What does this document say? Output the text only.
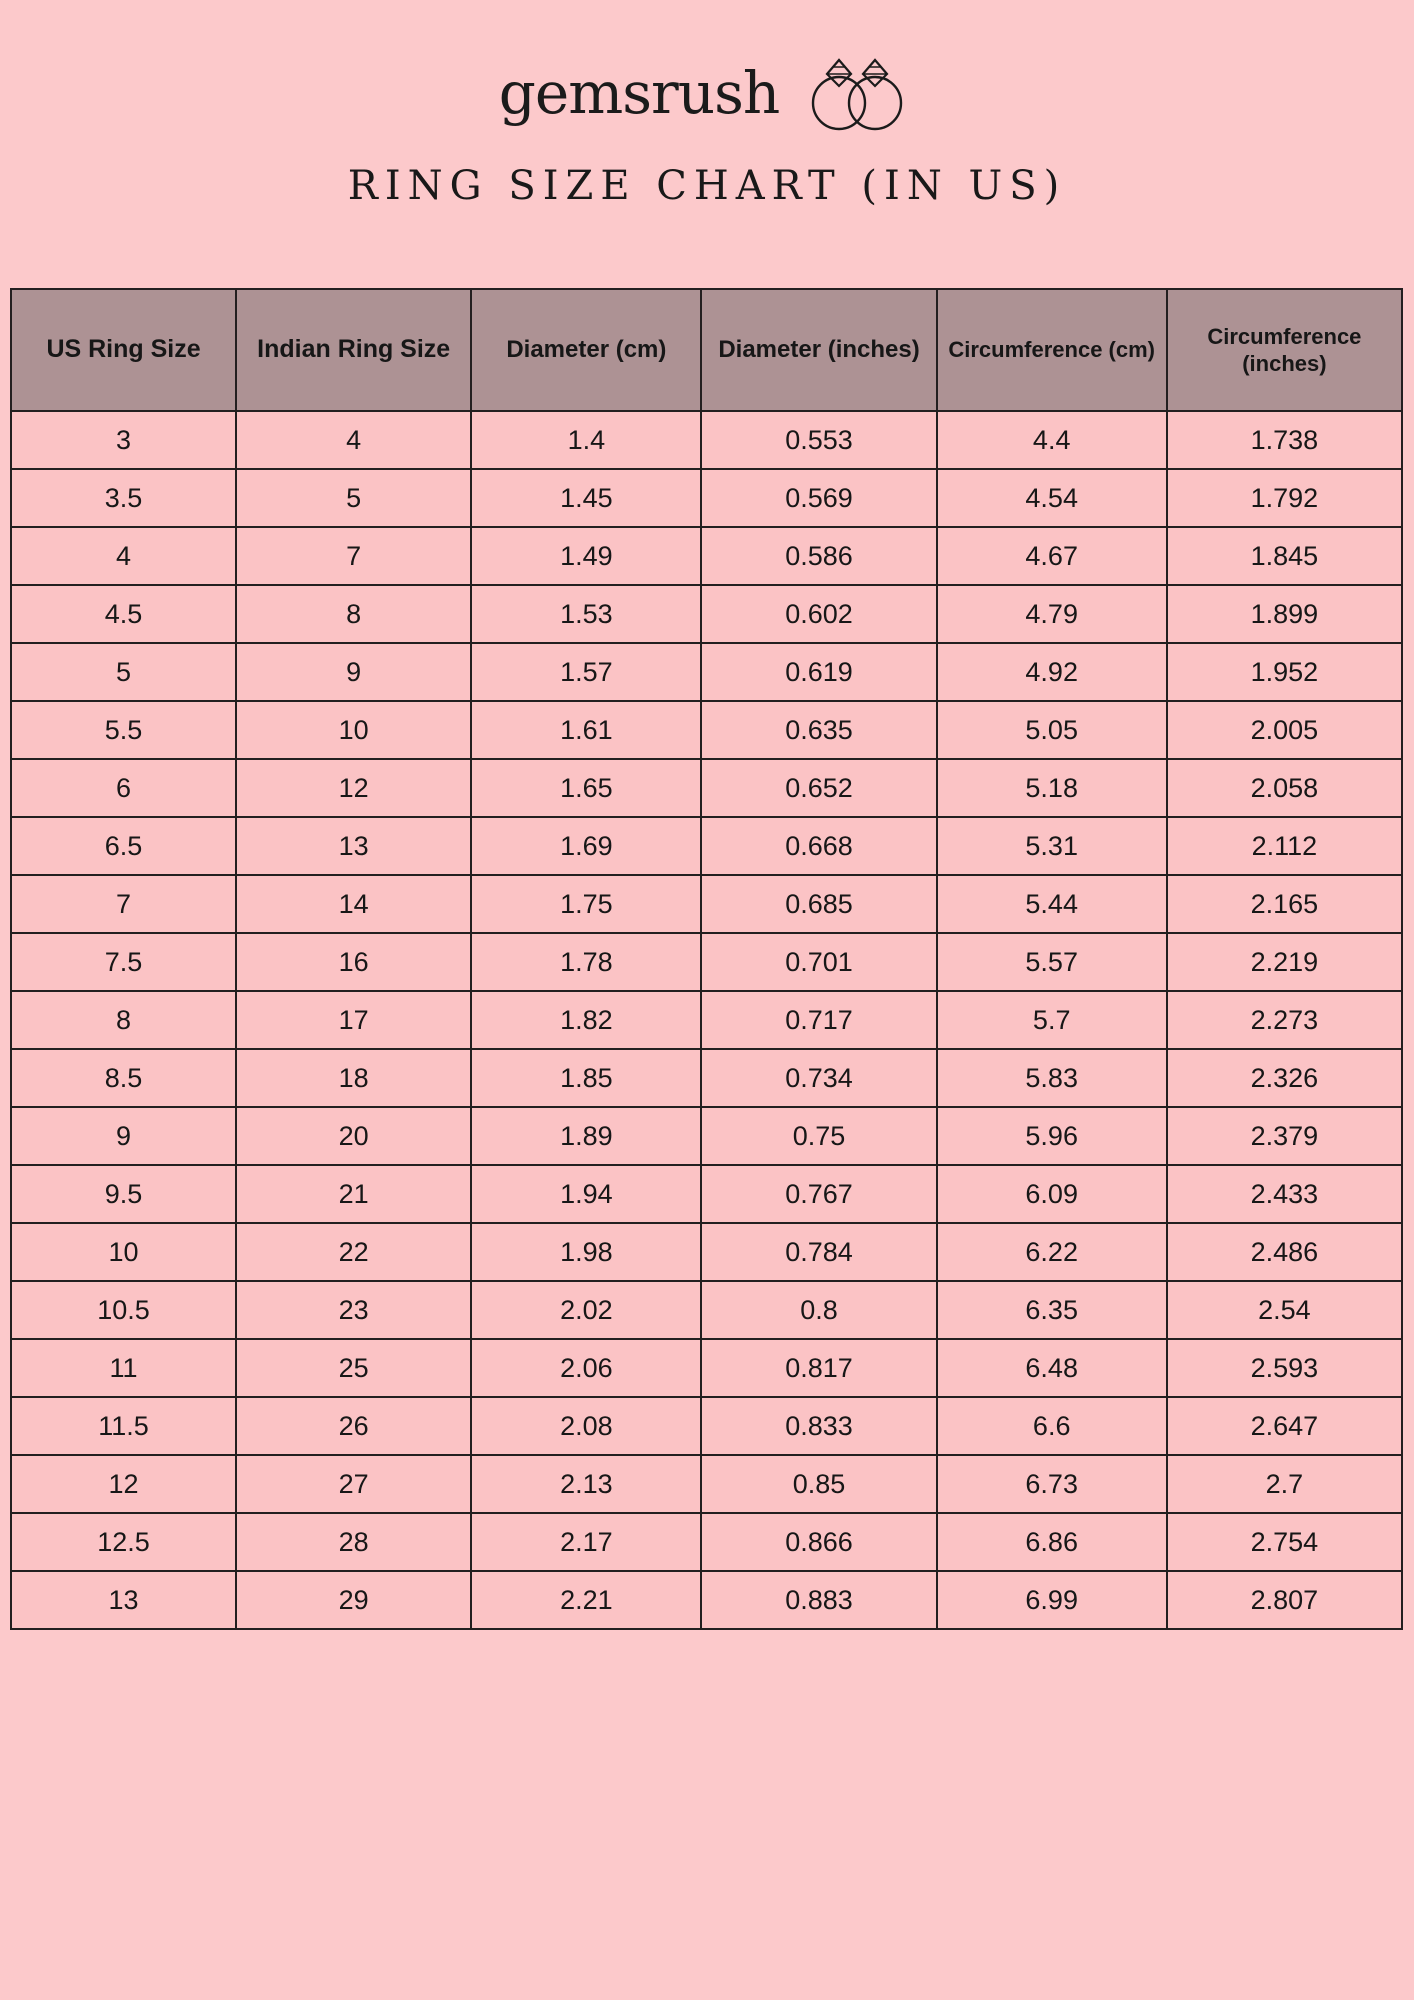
gemsrush
RING SIZE CHART (IN US)
US Ring Size	Indian Ring Size	Diameter (cm)	Diameter (inches)	Circumference (cm)	Circumference (inches)
3	4	1.4	0.553	4.4	1.738
3.5	5	1.45	0.569	4.54	1.792
4	7	1.49	0.586	4.67	1.845
4.5	8	1.53	0.602	4.79	1.899
5	9	1.57	0.619	4.92	1.952
5.5	10	1.61	0.635	5.05	2.005
6	12	1.65	0.652	5.18	2.058
6.5	13	1.69	0.668	5.31	2.112
7	14	1.75	0.685	5.44	2.165
7.5	16	1.78	0.701	5.57	2.219
8	17	1.82	0.717	5.7	2.273
8.5	18	1.85	0.734	5.83	2.326
9	20	1.89	0.75	5.96	2.379
9.5	21	1.94	0.767	6.09	2.433
10	22	1.98	0.784	6.22	2.486
10.5	23	2.02	0.8	6.35	2.54
11	25	2.06	0.817	6.48	2.593
11.5	26	2.08	0.833	6.6	2.647
12	27	2.13	0.85	6.73	2.7
12.5	28	2.17	0.866	6.86	2.754
13	29	2.21	0.883	6.99	2.807
